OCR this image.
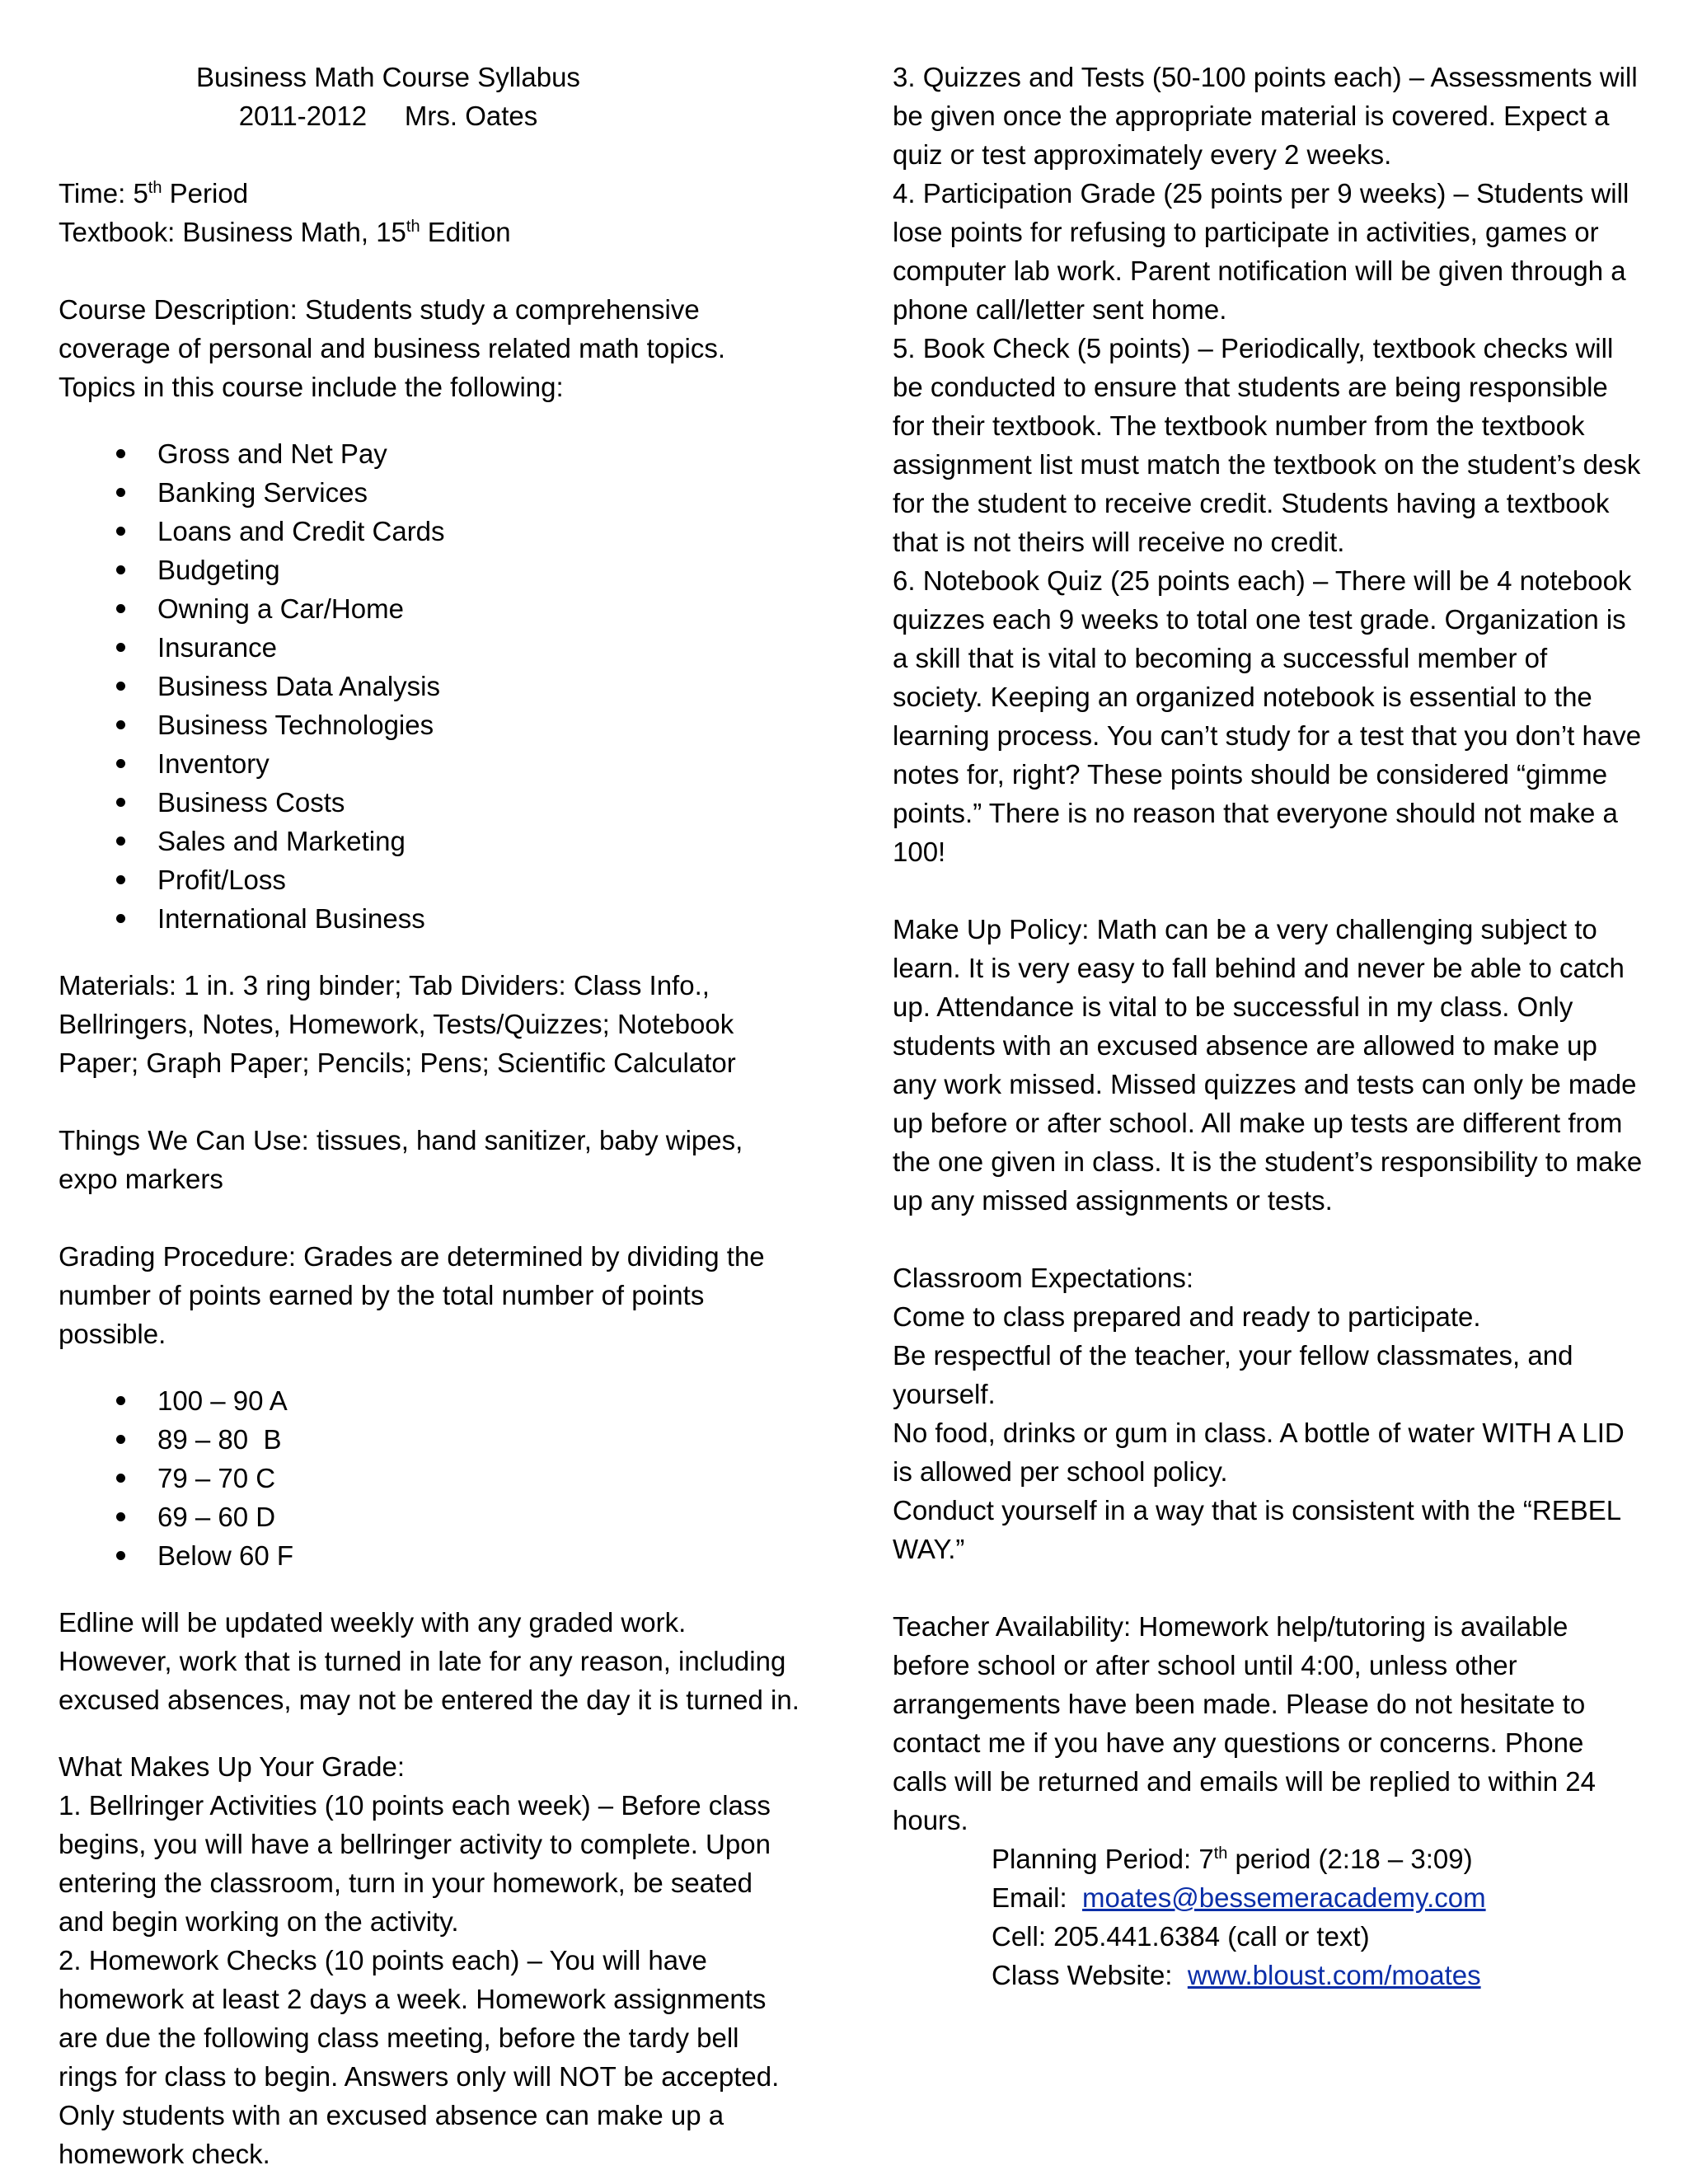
Business Math Course Syllabus

2011-2012     Mrs. Oates

Time: 5th Period

Textbook: Business Math, 15th Edition

Course Description: Students study a comprehensive coverage of personal and business related math topics. Topics in this course include the following:

Gross and Net Pay
Banking Services
Loans and Credit Cards
Budgeting
Owning a Car/Home
Insurance
Business Data Analysis
Business Technologies
Inventory
Business Costs
Sales and Marketing
Profit/Loss
International Business

Materials: 1 in. 3 ring binder; Tab Dividers: Class Info., Bellringers, Notes, Homework, Tests/Quizzes; Notebook Paper; Graph Paper; Pencils; Pens; Scientific Calculator

Things We Can Use: tissues, hand sanitizer, baby wipes, expo markers

Grading Procedure: Grades are determined by dividing the number of points earned by the total number of points possible.

100 – 90 A
89 – 80  B
79 – 70 C
69 – 60 D
Below 60 F

Edline will be updated weekly with any graded work. However, work that is turned in late for any reason, including excused absences, may not be entered the day it is turned in.

What Makes Up Your Grade:

1. Bellringer Activities (10 points each week) – Before class begins, you will have a bellringer activity to complete. Upon entering the classroom, turn in your homework, be seated and begin working on the activity.

2. Homework Checks (10 points each) – You will have homework at least 2 days a week. Homework assignments are due the following class meeting, before the tardy bell rings for class to begin. Answers only will NOT be accepted. Only students with an excused absence can make up a homework check.

3. Quizzes and Tests (50-100 points each) – Assessments will be given once the appropriate material is covered. Expect a quiz or test approximately every 2 weeks.

4. Participation Grade (25 points per 9 weeks) – Students will lose points for refusing to participate in activities, games or computer lab work. Parent notification will be given through a phone call/letter sent home.

5. Book Check (5 points) – Periodically, textbook checks will be conducted to ensure that students are being responsible for their textbook. The textbook number from the textbook assignment list must match the textbook on the student’s desk for the student to receive credit. Students having a textbook that is not theirs will receive no credit.

6. Notebook Quiz (25 points each) – There will be 4 notebook quizzes each 9 weeks to total one test grade. Organization is a skill that is vital to becoming a successful member of society. Keeping an organized notebook is essential to the learning process. You can’t study for a test that you don’t have notes for, right? These points should be considered “gimme points.” There is no reason that everyone should not make a 100!

Make Up Policy: Math can be a very challenging subject to learn. It is very easy to fall behind and never be able to catch up. Attendance is vital to be successful in my class. Only students with an excused absence are allowed to make up any work missed. Missed quizzes and tests can only be made up before or after school. All make up tests are different from the one given in class. It is the student’s responsibility to make up any missed assignments or tests.

Classroom Expectations:

Come to class prepared and ready to participate.

Be respectful of the teacher, your fellow classmates, and yourself.

No food, drinks or gum in class. A bottle of water WITH A LID is allowed per school policy.

Conduct yourself in a way that is consistent with the “REBEL WAY.”

Teacher Availability: Homework help/tutoring is available before school or after school until 4:00, unless other arrangements have been made. Please do not hesitate to contact me if you have any questions or concerns. Phone calls will be returned and emails will be replied to within 24 hours.

Planning Period: 7th period (2:18 – 3:09)

Email:  moates@bessemeracademy.com

Cell: 205.441.6384 (call or text)

Class Website:  www.bloust.com/moates
